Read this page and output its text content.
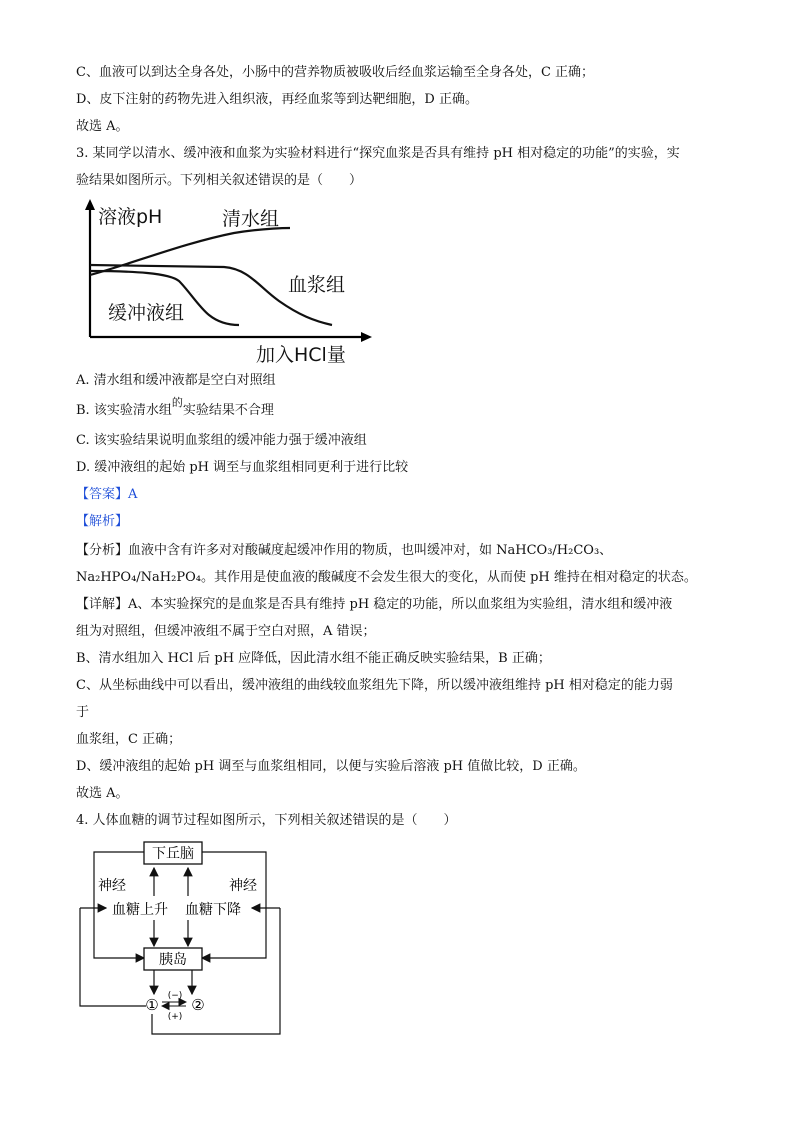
C、血液可以到达全身各处，小肠中的营养物质被吸收后经血浆运输至全身各处，C 正确；
D、皮下注射的药物先进入组织液，再经血浆等到达靶细胞，D 正确。
故选 A。
3. 某同学以清水、缓冲液和血浆为实验材料进行“探究血浆是否具有维持 pH 相对稳定的功能”的实验，实
验结果如图所示。下列相关叙述错误的是（　　）
溶液pH
加入HCl量
清水组
血浆组
缓冲液组
A. 清水组和缓冲液都是空白对照组
B. 该实验清水组$^的$实验结果不合理
C. 该实验结果说明血浆组的缓冲能力强于缓冲液组
D. 缓冲液组的起始 pH 调至与血浆组相同更利于进行比较
【答案】A
【解析】
【分析】血液中含有许多对对酸碱度起缓冲作用的物质，也叫缓冲对，如 NaHCO₃/H₂CO₃、
Na₂HPO₄/NaH₂PO₄。其作用是使血液的酸碱度不会发生很大的变化，从而使 pH 维持在相对稳定的状态。
【详解】A、本实验探究的是血浆是否具有维持 pH 稳定的功能，所以血浆组为实验组，清水组和缓冲液
组为对照组，但缓冲液组不属于空白对照，A 错误；
B、清水组加入 HCl 后 pH 应降低，因此清水组不能正确反映实验结果，B 正确；
C、从坐标曲线中可以看出，缓冲液组的曲线较血浆组先下降，所以缓冲液组维持 pH 相对稳定的能力弱
于
血浆组，C 正确；
D、缓冲液组的起始 pH 调至与血浆组相同，以便与实验后溶液 pH 值做比较，D 正确。
故选 A。
4. 人体血糖的调节过程如图所示，下列相关叙述错误的是（　　）
下丘脑
神经	神经
血糖上升 血糖下降
胰岛
① ②
(−)
(+)
